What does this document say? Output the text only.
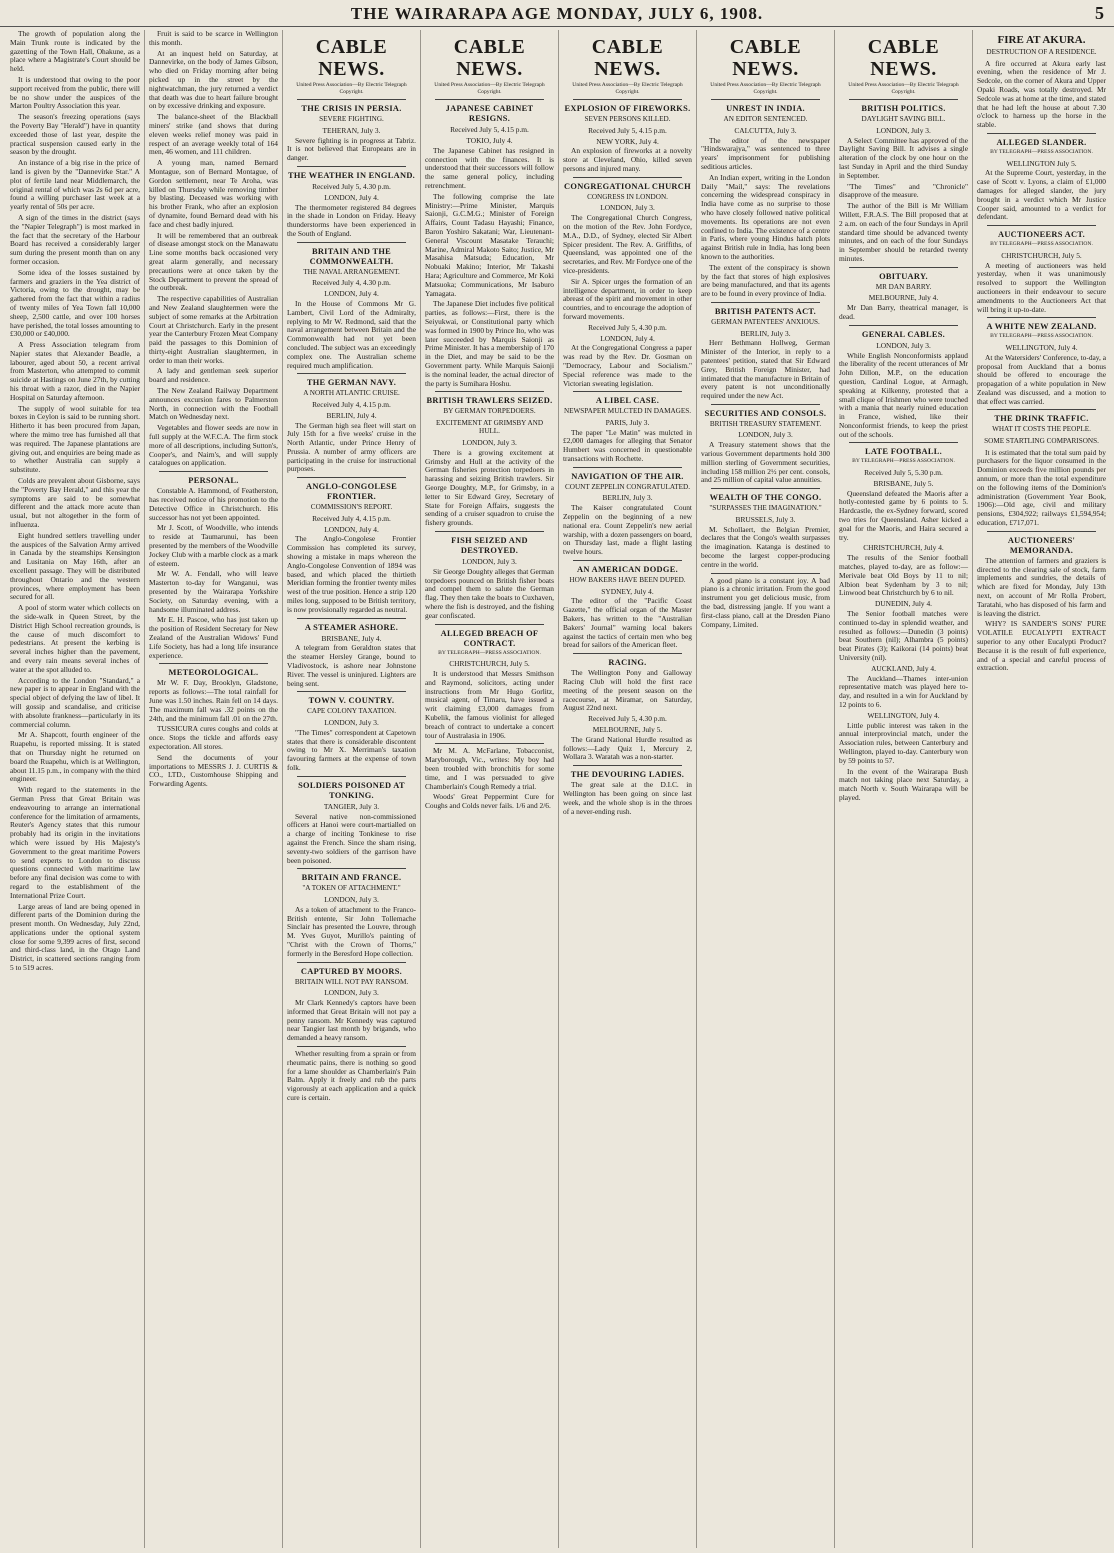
THE WAIRARAPA AGE MONDAY, JULY 6, 1908.	5

The growth of population along the Main Trunk route is indicated by the gazetting of the Town Hall, Ohakune, as a place where a Magistrate's Court should be held.

It is understood that owing to the poor support received from the public, there will be no show under the auspices of the Marton Poultry Association this year.

The season's freezing operations (says the Poverty Bay "Herald") have in quantity exceeded those of last year, despite the practical suspension caused early in the season by the drought.

An instance of a big rise in the price of land is given by the "Dannevirke Star." A plot of fertile land near Middlemarch, the original rental of which was 2s 6d per acre, found a willing purchaser last week at a yearly rental of 50s per acre.

A sign of the times in the district (says the "Napier Telegraph") is most marked in the fact that the secretary of the Harbour Board has received a considerably larger sum during the present month than on any former occasion.

Some idea of the losses sustained by farmers and graziers in the Yea district of Victoria, owing to the drought, may be gathered from the fact that within a radius of twenty miles of Yea Town fall 10,000 sheep, 2,500 cattle, and over 100 horses have perished, the total losses amounting to £30,000 or £40,000.

A Press Association telegram from Napier states that Alexander Beadle, a labourer, aged about 50, a recent arrival from Masterton, who attempted to commit suicide at Hastings on June 27th, by cutting his throat with a razor, died in the Napier Hospital on Saturday afternoon.

The supply of wool suitable for tea boxes in Ceylon is said to be running short. Hitherto it has been procured from Japan, where the mimo tree has furnished all that was required. The Japanese plantations are giving out, and enquiries are being made as to whether Australia can supply a substitute.

Colds are prevalent about Gisborne, says the "Poverty Bay Herald," and this year the symptoms are said to be somewhat different and the attack more acute than usual, but not altogether in the form of influenza.

Eight hundred settlers travelling under the auspices of the Salvation Army arrived in Canada by the steamships Kensington and Lusitania on May 16th, after an excellent passage. They will be distributed throughout Ontario and the western provinces, where employment has been secured for all.

A pool of storm water which collects on the side-walk in Queen Street, by the District High School recreation grounds, is the cause of much discomfort to pedestrians. At present the kerbing is several inches higher than the pavement, and every rain means several inches of water at the spot alluded to.

According to the London "Standard," a new paper is to appear in England with the special object of defying the law of libel. It will gossip and scandalise, and criticise with absolute frankness—particularly in its commercial column.

Mr A. Shapcott, fourth engineer of the Ruapehu, is reported missing. It is stated that on Thursday night he returned on board the Ruapehu, which is at Wellington, about 11.15 p.m., in company with the third engineer.

With regard to the statements in the German Press that Great Britain was endeavouring to arrange an international conference for the limitation of armaments, Reuter's Agency states that this rumour probably had its origin in the invitations which were issued by His Majesty's Government to the great maritime Powers to send experts to London to discuss questions connected with maritime law before any final decision was come to with regard to the establishment of the International Prize Court.

Large areas of land are being opened in different parts of the Dominion during the present month. On Wednesday, July 22nd, applications under the optional system close for some 9,399 acres of first, second and third-class land, in the Otago Land District, in scattered sections ranging from 5 to 519 acres.

Fruit is said to be scarce in Wellington this month.

At an inquest held on Saturday, at Dannevirke, on the body of James Gibson, who died on Friday morning after being picked up in the street by the nightwatchman, the jury returned a verdict that death was due to heart failure brought on by excessive drinking and exposure.

The balance-sheet of the Blackball miners' strike (and shows that during eleven weeks relief money was paid in respect of an average weekly total of 164 men, 46 women, and 111 children.

A young man, named Bernard Montague, son of Bernard Montague, of Gordon settlement, near Te Aroha, was killed on Thursday while removing timber by blasting. Deceased was working with his brother Frank, who after an explosion of dynamite, found Bernard dead with his face and chest badly injured.

It will be remembered that an outbreak of disease amongst stock on the Manawatu Line some months back occasioned very great alarm generally, and necessary precautions were at once taken by the Stock Department to prevent the spread of the outbreak.

The respective capabilities of Australian and New Zealand slaughtermen were the subject of some remarks at the Arbitration Court at Christchurch. Early in the present year the Canterbury Frozen Meat Company paid the passages to this Dominion of thirty-eight Australian slaughtermen, in order to man their works.

A lady and gentleman seek superior board and residence.

The New Zealand Railway Department announces excursion fares to Palmerston North, in connection with the Football Match on Wednesday next.

Vegetables and flower seeds are now in full supply at the W.F.C.A. The firm stock more of all descriptions, including Sutton's, Cooper's, and Nairn's, and will supply catalogues on application.

PERSONAL.

Constable A. Hammond, of Featherston, has received notice of his promotion to the Detective Office in Christchurch. His successor has not yet been appointed.

Mr J. Scott, of Woodville, who intends to reside at Taumarunui, has been presented by the members of the Woodville Jockey Club with a marble clock as a mark of esteem.

Mr W. A. Fendall, who will leave Masterton to-day for Wanganui, was presented by the Wairarapa Yorkshire Society, on Saturday evening, with a handsome illuminated address.

Mr E. H. Pascoe, who has just taken up the position of Resident Secretary for New Zealand of the Australian Widows' Fund Life Society, has had a long life insurance experience.

METEOROLOGICAL.

Mr W. F. Day, Brooklyn, Gladstone, reports as follows:—The total rainfall for June was 1.50 inches. Rain fell on 14 days. The maximum fall was .32 points on the 24th, and the minimum fall .01 on the 27th.

TUSSICURA cures coughs and colds at once. Stops the tickle and affords easy expectoration. All stores.

Send the documents of your importations to MESSRS J. J. CURTIS & CO., LTD., Customhouse Shipping and Forwarding Agents.

CABLE NEWS.

United Press Association—By Electric Telegraph Copyright.

THE CRISIS IN PERSIA.
SEVERE FIGHTING.

TEHERAN, July 3.

Severe fighting is in progress at Tabriz. It is not believed that Europeans are in danger.

THE WEATHER IN ENGLAND.

Received July 5, 4.30 p.m.

LONDON, July 4.

The thermometer registered 84 degrees in the shade in London on Friday. Heavy thunderstorms have been experienced in the South of England.

BRITAIN AND THE COMMONWEALTH.
THE NAVAL ARRANGEMENT.

Received July 4, 4.30 p.m.

LONDON, July 4.

In the House of Commons Mr G. Lambert, Civil Lord of the Admiralty, replying to Mr W. Redmond, said that the naval arrangement between Britain and the Commonwealth had not yet been concluded. The subject was an exceedingly complex one. The Australian scheme required much amplification.

THE GERMAN NAVY.
A NORTH ATLANTIC CRUISE.

Received July 4, 4.15 p.m.

BERLIN, July 4.

The German high sea fleet will start on July 15th for a five weeks' cruise in the North Atlantic, under Prince Henry of Prussia. A number of army officers are participating in the cruise for instructional purposes.

ANGLO-CONGOLESE FRONTIER.
COMMISSION'S REPORT.

Received July 4, 4.15 p.m.

LONDON, July 4.

The Anglo-Congolese Frontier Commission has completed its survey, showing a mistake in maps whereon the Anglo-Congolese Convention of 1894 was based, and which placed the thirtieth Meridian forming the frontier twenty miles west of the true position. Hence a strip 120 miles long, supposed to be British territory, is now provisionally regarded as neutral.

A STEAMER ASHORE.

BRISBANE, July 4.

A telegram from Geraldton states that the steamer Hersley Grange, bound to Vladivostock, is ashore near Johnstone River. The vessel is uninjured. Lighters are being sent.

TOWN V. COUNTRY.
CAPE COLONY TAXATION.

LONDON, July 3.

"The Times" correspondent at Capetown states that there is considerable discontent owing to Mr X. Merriman's taxation favouring farmers at the expense of town folk.

SOLDIERS POISONED AT TONKING.

TANGIER, July 3.

Several native non-commissioned officers at Hanoi were court-martialled on a charge of inciting Tonkinese to rise against the French. Since the sham rising, seventy-two soldiers of the garrison have been poisoned.

BRITAIN AND FRANCE.
"A TOKEN OF ATTACHMENT."

LONDON, July 3.

As a token of attachment to the Franco-British entente, Sir John Tollemache Sinclair has presented the Louvre, through M. Yves Guyot, Murillo's painting of "Christ with the Crown of Thorns," formerly in the Beresford Hope collection.

CAPTURED BY MOORS.
BRITAIN WILL NOT PAY RANSOM.

LONDON, July 3.

Mr Clark Kennedy's captors have been informed that Great Britain will not pay a penny ransom. Mr Kennedy was captured near Tangier last month by brigands, who demanded a heavy ransom.

Whether resulting from a sprain or from rheumatic pains, there is nothing so good for a lame shoulder as Chamberlain's Pain Balm. Apply it freely and rub the parts vigorously at each application and a quick cure is certain.

CABLE NEWS.

United Press Association—By Electric Telegraph Copyright.

JAPANESE CABINET RESIGNS.

Received July 5, 4.15 p.m.

TOKIO, July 4.

The Japanese Cabinet has resigned in connection with the finances. It is understood that their successors will follow the same general policy, including retrenchment.

The following comprise the late Ministry:—Prime Minister, Marquis Saionji, G.C.M.G.; Minister of Foreign Affairs, Count Tadasu Hayashi; Finance, Baron Yoshiro Sakatani; War, Lieutenant-General Viscount Masatake Terauchi; Marine, Admiral Makoto Saito; Justice, Mr Masahisa Matsuda; Education, Mr Nobuaki Makino; Interior, Mr Takashi Hara; Agriculture and Commerce, Mr Koki Matsuoka; Communications, Mr Isaburo Yamagata.

The Japanese Diet includes five political parties, as follows:—First, there is the Seiyukwai, or Constitutional party which was formed in 1900 by Prince Ito, who was later succeeded by Marquis Saionji as Prime Minister. It has a membership of 170 in the Diet, and may be said to be the Government party. While Marquis Saionji is the nominal leader, the actual director of the party is Sumihara Hoshu.

BRITISH TRAWLERS SEIZED.
BY GERMAN TORPEDOERS.
EXCITEMENT AT GRIMSBY AND HULL.

LONDON, July 3.

There is a growing excitement at Grimsby and Hull at the activity of the German fisheries protection torpedoers in harassing and seizing British trawlers. Sir George Doughty, M.P., for Grimsby, in a letter to Sir Edward Grey, Secretary of State for Foreign Affairs, suggests the sending of a cruiser squadron to cruise the fishery grounds.

FISH SEIZED AND DESTROYED.

LONDON, July 3.

Sir George Doughty alleges that German torpedoers pounced on British fisher boats and compel them to salute the German flag. They then take the boats to Cuxhaven, where the fish is destroyed, and the fishing gear confiscated.

ALLEGED BREACH OF CONTRACT.

BY TELEGRAPH—PRESS ASSOCIATION.

CHRISTCHURCH, July 5.

It is understood that Messrs Smithson and Raymond, solicitors, acting under instructions from Mr Hugo Gorlitz, musical agent, of Timaru, have issued a writ claiming £3,000 damages from Kubelik, the famous violinist for alleged breach of contract to undertake a concert tour of Australasia in 1906.

Mr M. A. McFarlane, Tobacconist, Maryborough, Vic., writes: My boy had been troubled with bronchitis for some time, and I was persuaded to give Chamberlain's Cough Remedy a trial.

Woods' Great Peppermint Cure for Coughs and Colds never fails. 1/6 and 2/6.

CABLE NEWS.

United Press Association—By Electric Telegraph Copyright.

EXPLOSION OF FIREWORKS.
SEVEN PERSONS KILLED.

Received July 5, 4.15 p.m.

NEW YORK, July 4.

An explosion of fireworks at a novelty store at Cleveland, Ohio, killed seven persons and injured many.

CONGREGATIONAL CHURCH
CONGRESS IN LONDON.

LONDON, July 3.

The Congregational Church Congress, on the motion of the Rev. John Fordyce, M.A., D.D., of Sydney, elected Sir Albert Spicer president. The Rev. A. Griffiths, of Queensland, was appointed one of the secretaries, and Rev. Mr Fordyce one of the vice-presidents.

Sir A. Spicer urges the formation of an intelligence department, in order to keep abreast of the spirit and movement in other countries, and to encourage the adoption of forward movements.

Received July 5, 4.30 p.m.

LONDON, July 4.

At the Congregational Congress a paper was read by the Rev. Dr. Gosman on "Democracy, Labour and Socialism." Special reference was made to the Victorian sweating legislation.

A LIBEL CASE.
NEWSPAPER MULCTED IN DAMAGES.

PARIS, July 3.

The paper "Le Matin" was mulcted in £2,000 damages for alleging that Senator Humbert was concerned in questionable transactions with Rochette.

NAVIGATION OF THE AIR.
COUNT ZEPPELIN CONGRATULATED.

BERLIN, July 3.

The Kaiser congratulated Count Zeppelin on the beginning of a new national era. Count Zeppelin's new aerial warship, with a dozen passengers on board, on Thursday last, made a flight lasting twelve hours.

AN AMERICAN DODGE.
HOW BAKERS HAVE BEEN DUPED.

SYDNEY, July 4.

The editor of the "Pacific Coast Gazette," the official organ of the Master Bakers, has written to the "Australian Bakers' Journal" warning local bakers against the tactics of certain men who beg bread for sailors of the American fleet.

RACING.

The Wellington Pony and Galloway Racing Club will hold the first race meeting of the present season on the racecourse, at Miramar, on Saturday, August 22nd next.

Received July 5, 4.30 p.m.

MELBOURNE, July 5.

The Grand National Hurdle resulted as follows:—Lady Quiz 1, Mercury 2, Wollara 3. Waratah was a non-starter.

THE DEVOURING LADIES.

The great sale at the D.I.C. in Wellington has been going on since last week, and the whole shop is in the throes of a never-ending rush.

CABLE NEWS.

United Press Association—By Electric Telegraph Copyright.

UNREST IN INDIA.
AN EDITOR SENTENCED.

CALCUTTA, July 3.

The editor of the newspaper "Hindswarajya," was sentenced to three years' imprisonment for publishing seditious articles.

An Indian expert, writing in the London Daily "Mail," says: The revelations concerning the widespread conspiracy in India have come as no surprise to those who have closely followed native political movements. Its operations are not even confined to India. The existence of a centre in Paris, where young Hindus hatch plots against British rule in India, has long been known to the authorities.

The extent of the conspiracy is shown by the fact that stores of high explosives are being manufactured, and that its agents are to be found in every province of India.

BRITISH PATENTS ACT.
GERMAN PATENTEES' ANXIOUS.

BERLIN, July 3.

Herr Bethmann Hollweg, German Minister of the Interior, in reply to a patentees' petition, stated that Sir Edward Grey, British Foreign Minister, had intimated that the manufacture in Britain of every patent is not unconditionally required under the new Act.

SECURITIES AND CONSOLS.
BRITISH TREASURY STATEMENT.

LONDON, July 3.

A Treasury statement shows that the various Government departments hold 300 million sterling of Government securities, including 158 million 2½ per cent. consols, and 25 million of capital value annuities.

WEALTH OF THE CONGO.
"SURPASSES THE IMAGINATION."

BRUSSELS, July 3.

M. Schollaert, the Belgian Premier, declares that the Congo's wealth surpasses the imagination. Katanga is destined to become the largest copper-producing centre in the world.

A good piano is a constant joy. A bad piano is a chronic irritation. From the good instrument you get delicious music, from the bad, distressing jangle. If you want a first-class piano, call at the Dresden Piano Company, Limited.

CABLE NEWS.

United Press Association—By Electric Telegraph Copyright.

BRITISH POLITICS.
DAYLIGHT SAVING BILL.

LONDON, July 3.

A Select Committee has approved of the Daylight Saving Bill. It advises a single alteration of the clock by one hour on the last Sunday in April and the third Sunday in September.

"The Times" and "Chronicle" disapprove of the measure.

The author of the Bill is Mr William Willett, F.R.A.S. The Bill proposed that at 2 a.m. on each of the four Sundays in April standard time should be advanced twenty minutes, and on each of the four Sundays in September should be retarded twenty minutes.

OBITUARY.
MR DAN BARRY.

MELBOURNE, July 4.

Mr Dan Barry, theatrical manager, is dead.

GENERAL CABLES.

LONDON, July 3.

While English Nonconformists applaud the liberality of the recent utterances of Mr John Dillon, M.P., on the education question, Cardinal Logue, at Armagh, speaking at Kilkenny, protested that a small clique of Irishmen who were touched with a mania that nearly ruined education in France, wished, like their Nonconformist friends, to keep the priest out of the schools.

LATE FOOTBALL.

BY TELEGRAPH—PRESS ASSOCIATION.

Received July 5, 5.30 p.m.

BRISBANE, July 5.

Queensland defeated the Maoris after a hotly-contested game by 6 points to 5. Hardcastle, the ex-Sydney forward, scored two tries for Queensland. Asher kicked a goal for the Maoris, and Haira secured a try.

CHRISTCHURCH, July 4.

The results of the Senior football matches, played to-day, are as follow:—Merivale beat Old Boys by 11 to nil; Albion beat Sydenham by 3 to nil; Linwood beat Christchurch by 6 to nil.

DUNEDIN, July 4.

The Senior football matches were continued to-day in splendid weather, and resulted as follows:—Dunedin (3 points) beat Southern (nil); Alhambra (5 points) beat Pirates (3); Kaikorai (14 points) beat University (nil).

AUCKLAND, July 4.

The Auckland—Thames inter-union representative match was played here to-day, and resulted in a win for Auckland by 12 points to 6.

WELLINGTON, July 4.

Little public interest was taken in the annual interprovincial match, under the Association rules, between Canterbury and Wellington, played to-day. Canterbury won by 59 points to 57.

In the event of the Wairarapa Bush match not taking place next Saturday, a match North v. South Wairarapa will be played.

FIRE AT AKURA.
DESTRUCTION OF A RESIDENCE.

A fire occurred at Akura early last evening, when the residence of Mr J. Sedcole, on the corner of Akura and Upper Opaki Roads, was totally destroyed. Mr Sedcole was at home at the time, and stated that he had left the house at about 7.30 o'clock to harness up the horse in the stable.

ALLEGED SLANDER.

BY TELEGRAPH—PRESS ASSOCIATION.

WELLINGTON July 5.

At the Supreme Court, yesterday, in the case of Scott v. Lyons, a claim of £1,000 damages for alleged slander, the jury brought in a verdict which Mr Justice Cooper said, amounted to a verdict for defendant.

AUCTIONEERS ACT.

BY TELEGRAPH—PRESS ASSOCIATION.

CHRISTCHURCH, July 5.

A meeting of auctioneers was held yesterday, when it was unanimously resolved to support the Wellington auctioneers in their endeavour to secure amendments to the Auctioneers Act that will bring it up-to-date.

A WHITE NEW ZEALAND.

BY TELEGRAPH—PRESS ASSOCIATION.

WELLINGTON, July 4.

At the Watersiders' Conference, to-day, a proposal from Auckland that a bonus should be offered to encourage the propagation of a white population in New Zealand was discussed, and a motion to that effect was carried.

THE DRINK TRAFFIC.
WHAT IT COSTS THE PEOPLE.
SOME STARTLING COMPARISONS.

It is estimated that the total sum paid by purchasers for the liquor consumed in the Dominion exceeds five million pounds per annum, or more than the total expenditure on the following items of the Dominion's administration (Government Year Book, 1906):—Old age, civil and military pensions, £304,922; railways £1,594,954; education, £717,071.

AUCTIONEERS' MEMORANDA.

The attention of farmers and graziers is directed to the clearing sale of stock, farm implements and sundries, the details of which are fixed for Monday, July 13th next, on account of Mr Rolla Probert, Taratahi, who has disposed of his farm and is leaving the district.

WHY? IS SANDER'S SONS' PURE VOLATILE EUCALYPTI EXTRACT superior to any other Eucalypti Product? Because it is the result of full experience, and of a special and careful process of extraction.
